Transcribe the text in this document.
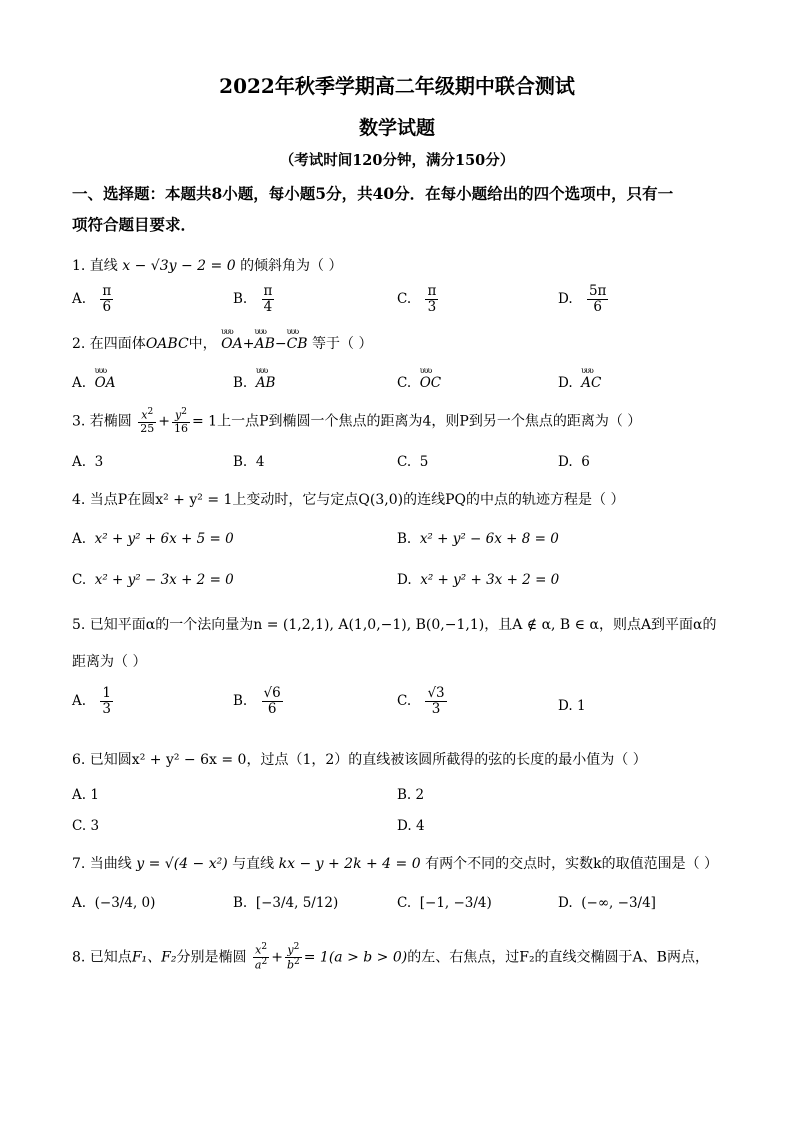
2022年秋季学期高二年级期中联合测试
数学试题
（考试时间120分钟，满分150分）
一、选择题：本题共8小题，每小题5分，共40分．在每小题给出的四个选项中，只有一
项符合题目要求．
1. 直线 x − √3y − 2 = 0 的倾斜角为（ ）
A. $\frac{\pi}{6}$	B. $\frac{\pi}{4}$	C. $\frac{\pi}{3}$	D. $\frac{5\pi}{6}$
2. 在四面体OABC中， ʋʋʋ OA+ʋʋʋ AB−ʋʋʋ CB 等于（ ）
A. ʋʋʋ OA	B. ʋʋʋ AB	C. ʋʋʋ OC	D. ʋʋʋ AC
3. 若椭圆 $\frac{x^2}{25} + \frac{y^2}{16} = 1$上一点P到椭圆一个焦点的距离为4，则P到另一个焦点的距离为（ ）
A. 3	B. 4	C. 5	D. 6
4. 当点P在圆x² + y² = 1上变动时，它与定点Q(3,0)的连线PQ的中点的轨迹方程是（ ）
A. x² + y² + 6x + 5 = 0	B. x² + y² − 6x + 8 = 0
C. x² + y² − 3x + 2 = 0	D. x² + y² + 3x + 2 = 0
5. 已知平面α的一个法向量为n = (1,2,1), A(1,0,−1), B(0,−1,1)，且A ∉ α, B ∈ α，则点A到平面α的
距离为（ ）
A. $\frac{1}{3}$	B. $\frac{√6}{6}$	C. $\frac{√3}{3}$	D. 1
6. 已知圆x² + y² − 6x = 0，过点（1，2）的直线被该圆所截得的弦的长度的最小值为（ ）
A. 1	B. 2
C. 3	D. 4
7. 当曲线 y = √(4 − x²) 与直线 kx − y + 2k + 4 = 0 有两个不同的交点时，实数k的取值范围是（ ）
A. (−3/4, 0)	B. [−3/4, 5/12)	C. [−1, −3/4)	D. (−∞, −3/4]
8. 已知点F₁、F₂分别是椭圆 $\frac{x^2}{a^2} + \frac{y^2}{b^2} = 1(a > b > 0)$的左、右焦点，过F₂的直线交椭圆于A、B两点，
